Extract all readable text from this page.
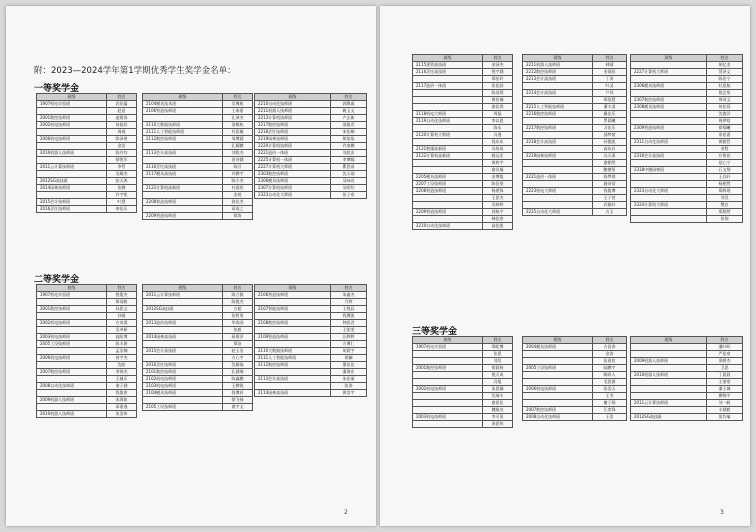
附：2023—2024学年第1学期优秀学生奖学金名单：
一等奖学金
二等奖学金
2
班级	姓名
1907机电实验班	武佳蕴
	赵意
2001数控技师班	凌建涛
2002机电技师班	何超祥
	周威
2006机电技师班	陈泽豪
	金浩
2010机器人技师班	陈丹均
	徐悦军
2011云计算技师班	李哲
	吴耀杰
2012SG高技班	彭天鸿
2014园林技师班	张腾
	许宇乾
2015会计技师班	叶慧
2016烹饪技师班	何佳乐
班级	姓名
2104模具技术班	吴博航
2106智造技师班	王泰嘉
	孔译杰
2110大数据技师班	洛敏杭
2111人工智能技师班	杜思璇
2112数控技师班	邹博涵
	孔耀鹏
2113会计高技班	刘铭杰
	田诗涵
2116烹饪高技班	陈芬
2117模具高技班	许腾宇
	陈少杰
2122计算机高新班	杜嘉欣
	金莫
2208智造技师班	骆佳杰
	章雨之
2209智造技师班	徐涛
班级	姓名
2210自动化技师班	郭赛戚
2211机器人技师班	姚玉文
2213计算机技师班	卢正新
2217数控技师班	邵俊彦
2218烹饪技师班	宋佳桐
2219园林技师班	郎依依
2220计算机技师班	许家鹏
2221造价一体班	刘思安
2225计算机一体班	李博翰
2227计算机大师班	瞿恩雨
2303数控技师班	沈天翊
2306模具技师班	吴咏亮
2307计算机技师班	吴明均
2323自动化大师班	张子豪
班级	姓名
1907机电实验班	倪俊杰
	郎语帆
2001数控技师班	孙思文
	孙媛
2002机电技师班	方诗淇
	吴卓研
2003机电技师班	高阳博
2005工设技师班	陈丰源
	孟浩楠
2006机电技师班	何宇杰
	沈阳
2007数控技师班	李锡杰
	王辅乐
2008自动化技师班	诸子涵
	钱俊豪
2009机器人技师班	朱海如
	章嘉逸
2010机器人技师班	朱浩伟
班级	姓名
2011云计算技师班	陈立源
	陈俊杰
2012SG高技班	方超
	张胜男
2013造价技师班	华涛国
	张毅
2014园林高技班	蒋建萍
	郑洁
2015会计高技班	赵玉洁
	方心宇
2016烹饪技师班	沈耀福
2101数控技师班	孔涵瑞
2102机电技师班	陈鑫鹏
2103机电技师班	王腾锐
2104模具技师班	钱博祥
	徐飞扬
2105工设技师班	俞宇文
班级	姓名
2106智造技师班	朱鑫杰
	月婷
2107智能技师班	王悦辰
	钱博凯
2108数控技师班	钟思君
	王凯雯
2109智造技师班	汪婷婷
	方博仁
2110大数据技师班	胡晨宇
2111人工智能技师班	徐澜
2112数控技师班	董佳佳
	潘海宏
2113会计高技班	朱佳丽
	张涛
2114园林高技班	黄浩宇
三等奖学金
3
班级	姓名
2115建管高技班	金泽杰
2116烹饪高技班	倪宇涵
	郑怡玲
2117造价一体班	张佳舒
	陈语嫣
	黄佳楠
	俞佳琪
2118机电大师班	周磊
2119自动化技师班	李以恩
	陈永
2120计算机大师班	冯逸
	钱东东
2121数媒高新班	冯培成
2122计算机高新班	姚沅宏
	黄梓宇
	俞贝凝
2205模具技师班	金博俊
2207工设技师班	陈佳豪
2208智造技师班	杨建锋
	王思杰
	吴婷婷
2209智造技师班	郭航宇
	韩佳豪
2210自动化技师班	高佳凯
班级	姓名
2211机器人技师班	林靖
2212数控技师班	金嘉阳
2213会计高技班	丁涛
	叶灵
2214会计高技班	户玮
	郑依慧
2215人工智能技师班	潘丰睿
2216数控技师班	戴佳乐
	罗晨曦
2217数控技师班	习佳乐
	邱梦茜
2218会计高技班	孙俊凯
	高东启
2219园林技师班	冯天禹
	俞朝然
	鲍德玺
2221造价一体班	陈梦琪
	施诗语
2223机电大师班	钱俊博
	王子萱
	武雅轩
2225自动化大师班	吉玉
班级	姓名
	胡亿龙
2227计算机大师班	蔡泽义
	陈佳宁
2306模具技师班	杜思航
	倪艺彤
2307数控技师班	周珂文
2308模具技师班	何佳蓉
	沈俊洋
	周伊晗
2309智造技师班	徐翔曦
	余思嘉
2311自动化技师班	黄毅哲
	金程
2316会计高技班	应铭宸
	范心宁
2318中德园林班	石文翔
	王岩轩
	杨栩然
2323自动化大师班	郑梓瑶
	刘昊
2324计算机大师班	樊启
	郑翔然
	张翔
班级	姓名
1907机电实验班	郑屹博
	张恩
	刘昊
2001数控技师班	徐晨秋
	倪天成
	冯旭
2002机电技师班	朱思瀚
	沈瑞丰
	俞思佳
	魏旭亮
2003机电技师班	李可莱
	余思伟
班级	姓名
2004模具技师班	方昌涛
	金涛
	张嘉宸
2005工设技师班	陆鹏宇
	陶尚人
	毛思源
2006机电技师班	张浩天
	王杰
	谢子翔
2007数控技师班	江奕锋
2008自动化技师班	王浩
班级	姓名
	潘叶昕
	严佳豪
2009机器人技师班	余皓杰
	卫思
2010机器人技师班	丁晨晨
	王浙豪
	潘王城
	柳锦宇
2011云计算技师班	刘一帆
	丰涵毅
2012SG高技班	莫均瑜
